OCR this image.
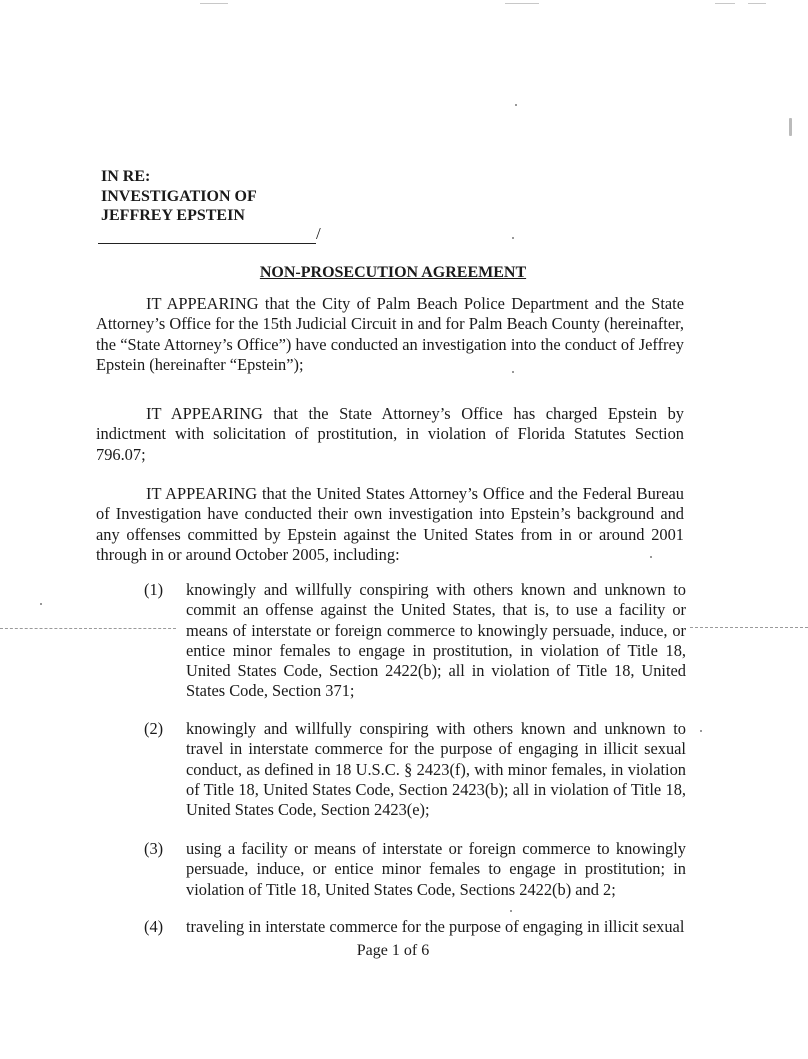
IN RE:
INVESTIGATION OF
JEFFREY EPSTEIN
/
NON-PROSECUTION AGREEMENT

IT APPEARING that the City of Palm Beach Police Department and the State Attorney’s Office for the 15th Judicial Circuit in and for Palm Beach County (hereinafter, the “State Attorney’s Office”) have conducted an investigation into the conduct of Jeffrey Epstein (hereinafter “Epstein”);

IT APPEARING that the State Attorney’s Office has charged Epstein by indictment with solicitation of prostitution, in violation of Florida Statutes Section 796.07;

IT APPEARING that the United States Attorney’s Office and the Federal Bureau of Investigation have conducted their own investigation into Epstein’s background and any offenses committed by Epstein against the United States from in or around 2001 through in or around October 2005, including:

(1) knowingly and willfully conspiring with others known and unknown to commit an offense against the United States, that is, to use a facility or means of interstate or foreign commerce to knowingly persuade, induce, or entice minor females to engage in prostitution, in violation of Title 18, United States Code, Section 2422(b); all in violation of Title 18, United States Code, Section 371;
(2) knowingly and willfully conspiring with others known and unknown to travel in interstate commerce for the purpose of engaging in illicit sexual conduct, as defined in 18 U.S.C. § 2423(f), with minor females, in violation of Title 18, United States Code, Section 2423(b); all in violation of Title 18, United States Code, Section 2423(e);
(3) using a facility or means of interstate or foreign commerce to knowingly persuade, induce, or entice minor females to engage in prostitution; in violation of Title 18, United States Code, Sections 2422(b) and 2;
(4) traveling in interstate commerce for the purpose of engaging in illicit sexual
Page 1 of 6
